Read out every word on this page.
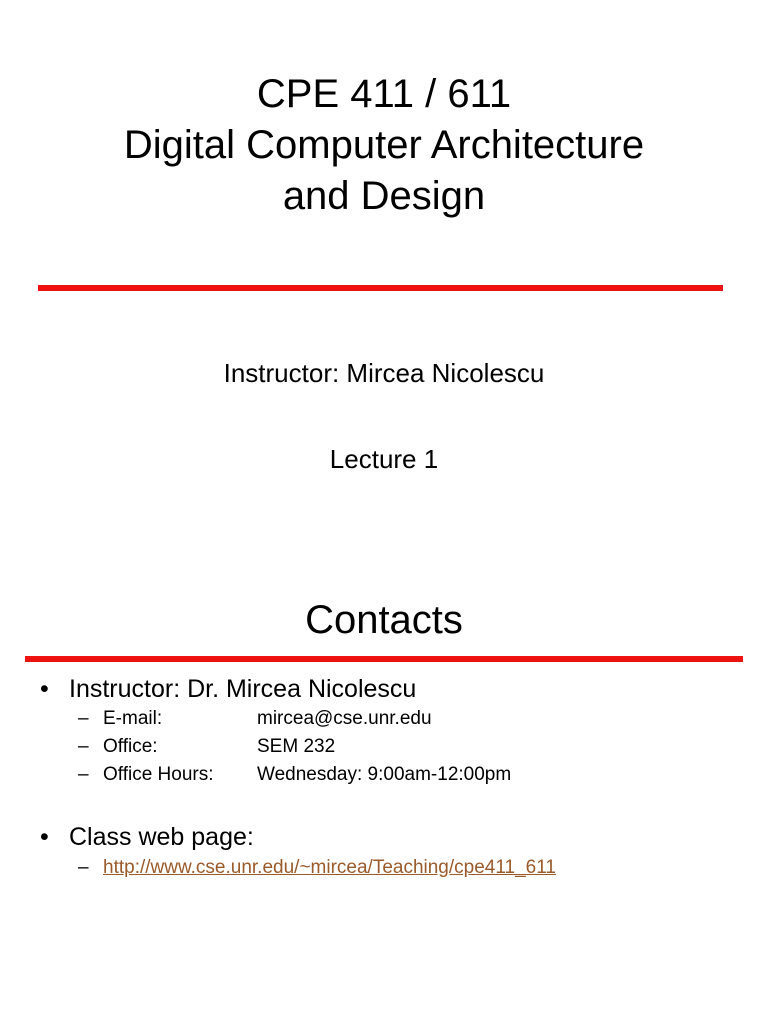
CPE 411 / 611
Digital Computer Architecture
and Design
Instructor: Mircea Nicolescu
Lecture 1
Contacts
• Instructor: Dr. Mircea Nicolescu
– E-mail:	mircea@cse.unr.edu
– Office:	SEM 232
– Office Hours: Wednesday: 9:00am-12:00pm
• Class web page:
– http://www.cse.unr.edu/~mircea/Teaching/cpe411_611
